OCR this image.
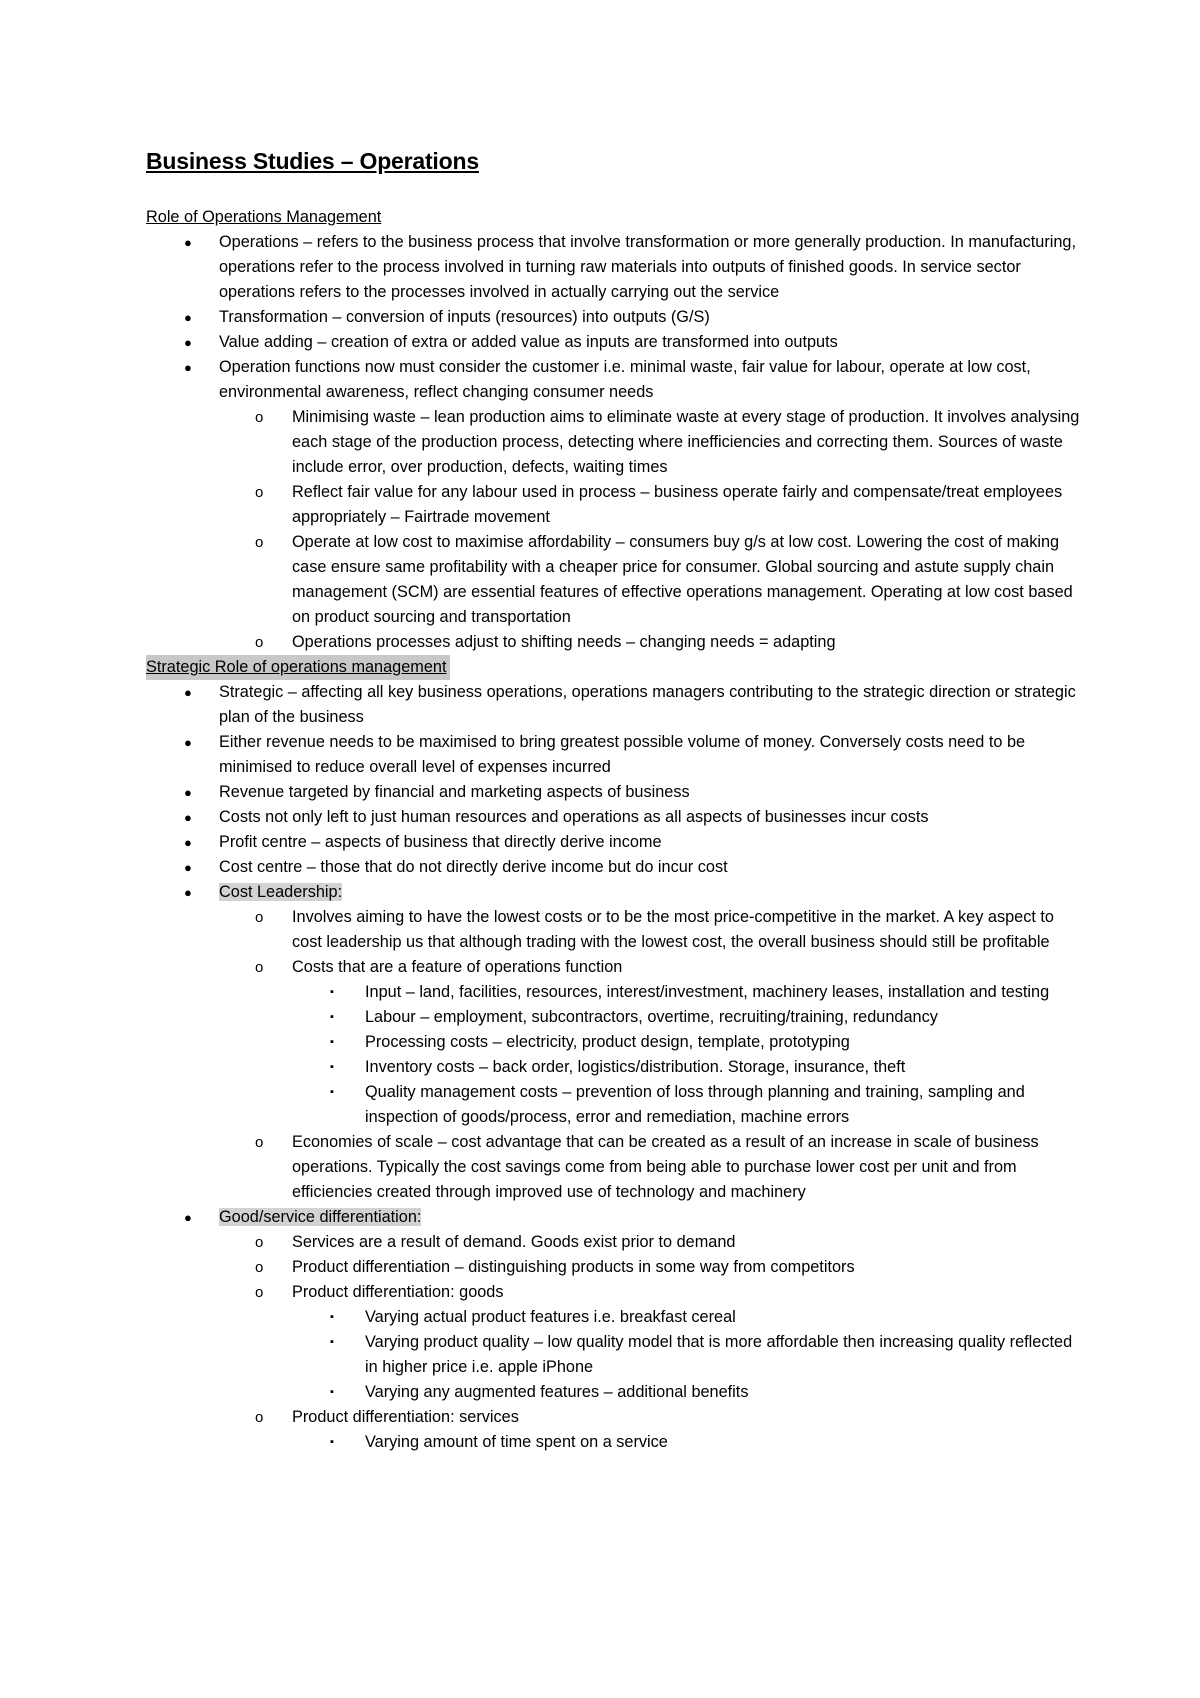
Business Studies – Operations
Role of Operations Management
● Operations – refers to the business process that involve transformation or more generally production. In manufacturing, operations refer to the process involved in turning raw materials into outputs of finished goods. In service sector operations refers to the processes involved in actually carrying out the service
● Transformation – conversion of inputs (resources) into outputs (G/S)
● Value adding – creation of extra or added value as inputs are transformed into outputs
● Operation functions now must consider the customer i.e. minimal waste, fair value for labour, operate at low cost, environmental awareness, reflect changing consumer needs
o Minimising waste – lean production aims to eliminate waste at every stage of production. It involves analysing each stage of the production process, detecting where inefficiencies and correcting them. Sources of waste include error, over production, defects, waiting times
o Reflect fair value for any labour used in process – business operate fairly and compensate/treat employees appropriately – Fairtrade movement
o Operate at low cost to maximise affordability – consumers buy g/s at low cost. Lowering the cost of making case ensure same profitability with a cheaper price for consumer. Global sourcing and astute supply chain management (SCM) are essential features of effective operations management. Operating at low cost based on product sourcing and transportation
o Operations processes adjust to shifting needs – changing needs = adapting
Strategic Role of operations management
● Strategic – affecting all key business operations, operations managers contributing to the strategic direction or strategic plan of the business
● Either revenue needs to be maximised to bring greatest possible volume of money. Conversely costs need to be minimised to reduce overall level of expenses incurred
● Revenue targeted by financial and marketing aspects of business
● Costs not only left to just human resources and operations as all aspects of businesses incur costs
● Profit centre – aspects of business that directly derive income
● Cost centre – those that do not directly derive income but do incur cost
● Cost Leadership:
o Involves aiming to have the lowest costs or to be the most price-competitive in the market. A key aspect to cost leadership us that although trading with the lowest cost, the overall business should still be profitable
o Costs that are a feature of operations function
▪ Input – land, facilities, resources, interest/investment, machinery leases, installation and testing
▪ Labour – employment, subcontractors, overtime, recruiting/training, redundancy
▪ Processing costs – electricity, product design, template, prototyping
▪ Inventory costs – back order, logistics/distribution. Storage, insurance, theft
▪ Quality management costs – prevention of loss through planning and training, sampling and inspection of goods/process, error and remediation, machine errors
o Economies of scale – cost advantage that can be created as a result of an increase in scale of business operations. Typically the cost savings come from being able to purchase lower cost per unit and from efficiencies created through improved use of technology and machinery
● Good/service differentiation:
o Services are a result of demand. Goods exist prior to demand
o Product differentiation – distinguishing products in some way from competitors
o Product differentiation: goods
▪ Varying actual product features i.e. breakfast cereal
▪ Varying product quality – low quality model that is more affordable then increasing quality reflected in higher price i.e. apple iPhone
▪ Varying any augmented features – additional benefits
o Product differentiation: services
▪ Varying amount of time spent on a service
